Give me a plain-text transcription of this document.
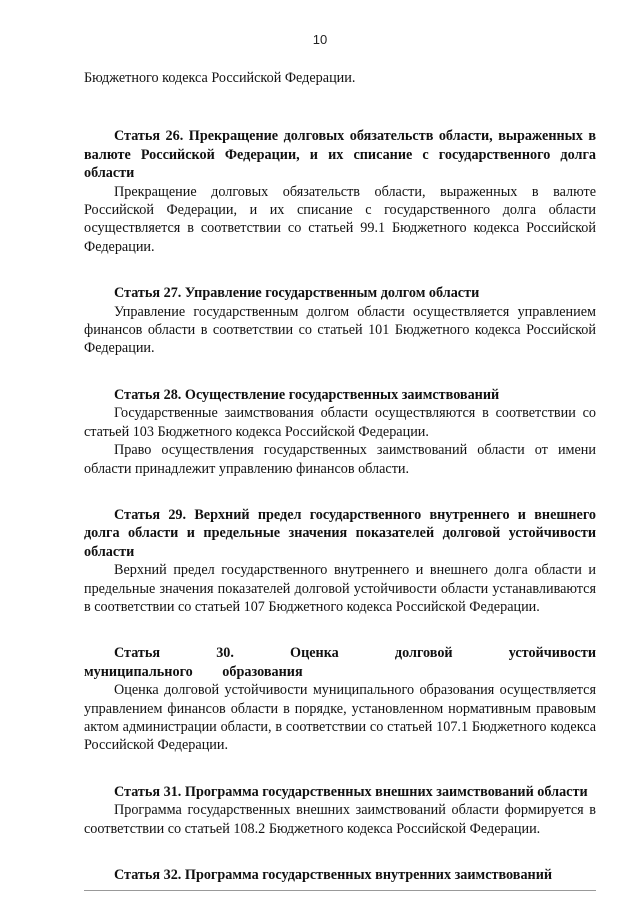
10

Бюджетного кодекса Российской Федерации.

Статья 26. Прекращение долговых обязательств области, выраженных в валюте Российской Федерации, и их списание с государственного долга области

Прекращение долговых обязательств области, выраженных в валюте Российской Федерации, и их списание с государственного долга области осуществляется в соответствии со статьей 99.1 Бюджетного кодекса Российской Федерации.

Статья 27. Управление государственным долгом области

Управление государственным долгом области осуществляется управлением финансов области в соответствии со статьей 101 Бюджетного кодекса Российской Федерации.

Статья 28. Осуществление государственных заимствований

Государственные заимствования области осуществляются в соответствии со статьей 103 Бюджетного кодекса Российской Федерации.

Право осуществления государственных заимствований области от имени области принадлежит управлению финансов области.

Статья 29. Верхний предел государственного внутреннего и внешнего долга области и предельные значения показателей долговой устойчивости области

Верхний предел государственного внутреннего и внешнего долга области и предельные значения показателей долговой устойчивости области устанавливаются в соответствии со статьей 107 Бюджетного кодекса Российской Федерации.

Статья 30. Оценка долговой устойчивости муниципального образования

Оценка долговой устойчивости муниципального образования осуществляется управлением финансов области в порядке, установленном нормативным правовым актом администрации области, в соответствии со статьей 107.1 Бюджетного кодекса Российской Федерации.

Статья 31. Программа государственных внешних заимствований области

Программа государственных внешних заимствований области формируется в соответствии со статьей 108.2 Бюджетного кодекса Российской Федерации.

Статья 32. Программа государственных внутренних заимствований
